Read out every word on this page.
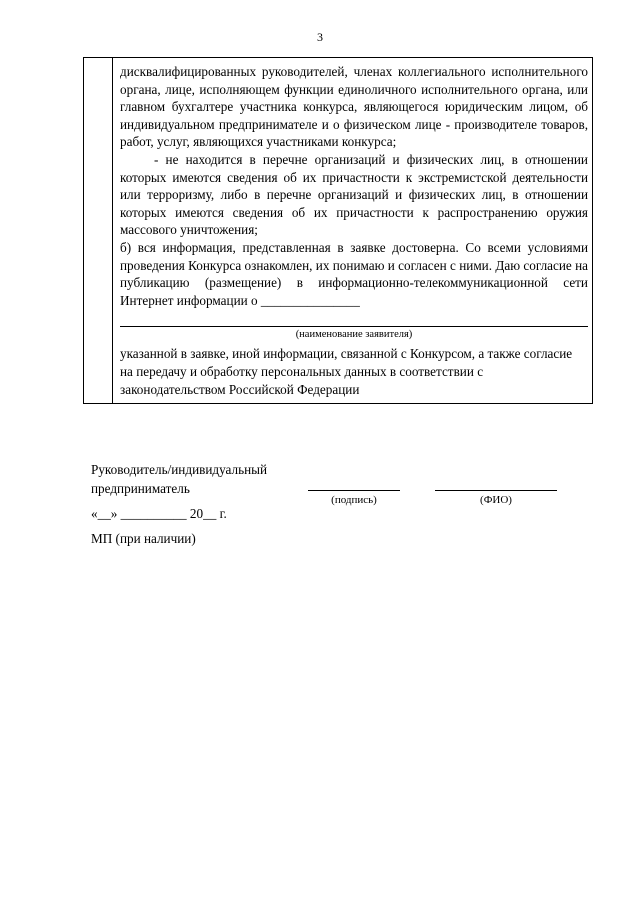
3

дисквалифицированных руководителей, членах коллегиального исполнительного органа, лице, исполняющем функции единоличного исполнительного органа, или главном бухгалтере участника конкурса, являющегося юридическим лицом, об индивидуальном предпринимателе и о физическом лице - производителе товаров, работ, услуг, являющихся участниками конкурса;

- не находится в перечне организаций и физических лиц, в отношении которых имеются сведения об их причастности к экстремистской деятельности или терроризму, либо в перечне организаций и физических лиц, в отношении которых имеются сведения об их причастности к распространению оружия массового уничтожения;

б) вся информация, представленная в заявке достоверна. Со всеми условиями проведения Конкурса ознакомлен, их понимаю и согласен с ними. Даю согласие на публикацию (размещение) в информационно-телекоммуникационной сети Интернет информации о _______________

(наименование заявителя)

указанной в заявке, иной информации, связанной с Конкурсом, а также согласие на передачу и обработку персональных данных в соответствии с законодательством Российской Федерации

Руководитель/индивидуальный
предприниматель
«__» __________ 20__ г.
МП (при наличии)
(подпись)	(ФИО)
